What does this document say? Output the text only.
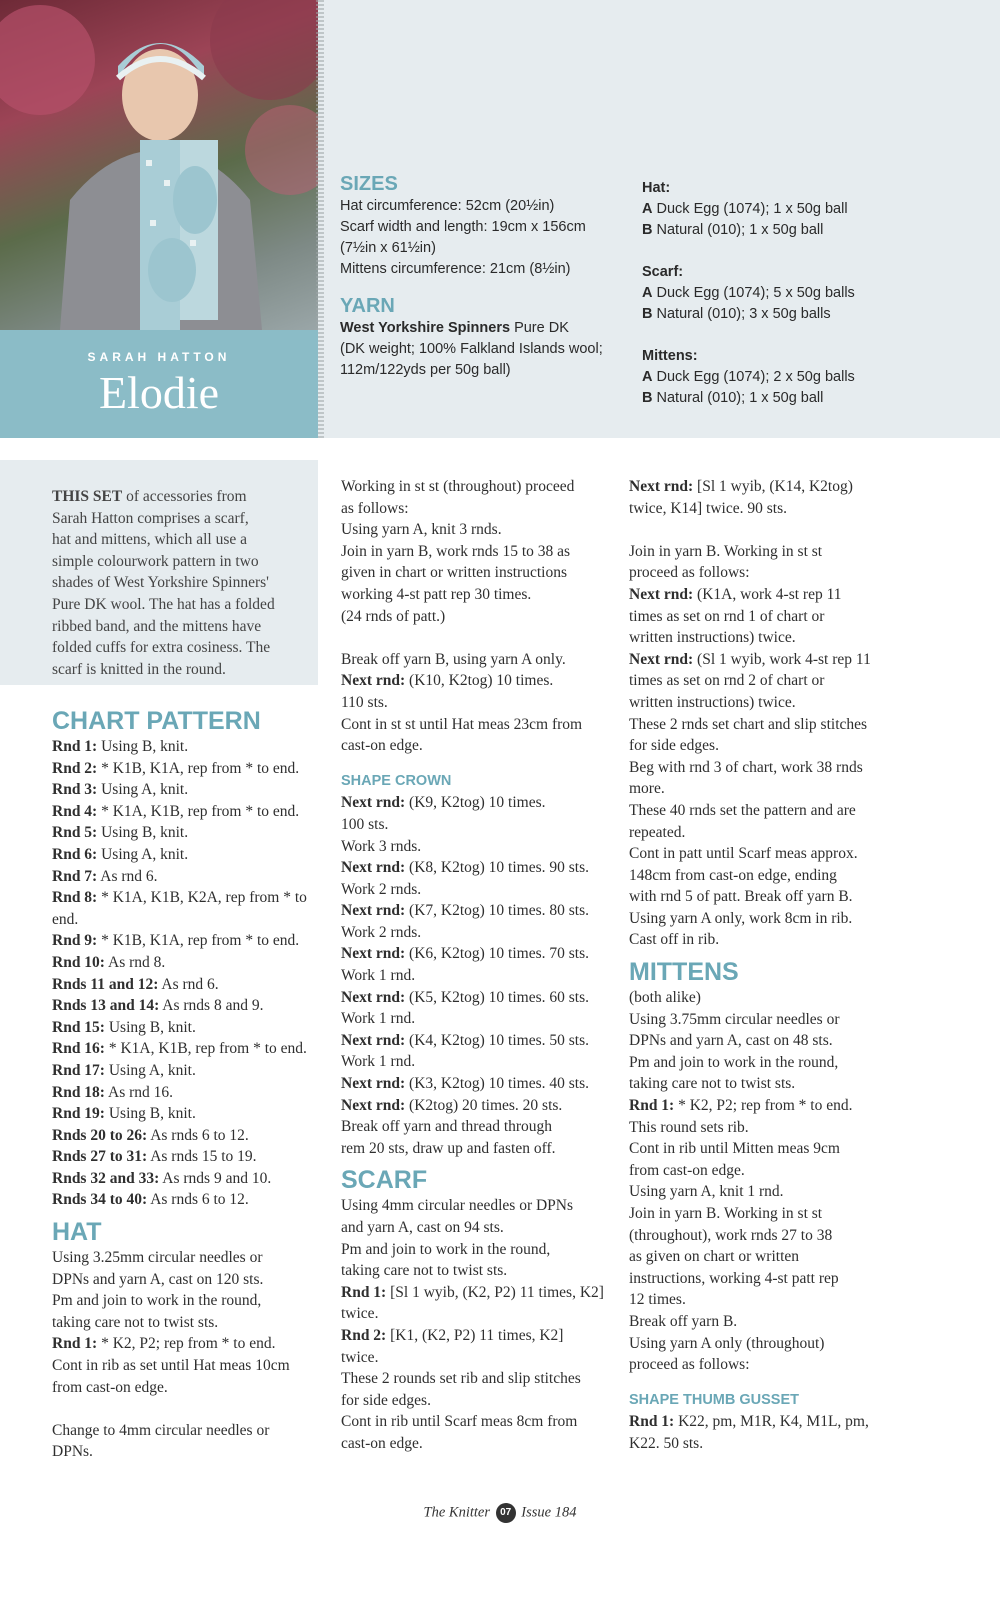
SARAH HATTON
Elodie
SIZES
Hat circumference: 52cm (20½in)
Scarf width and length: 19cm x 156cm
(7½in x 61½in)
Mittens circumference: 21cm (8½in)
YARN
West Yorkshire Spinners Pure DK
(DK weight; 100% Falkland Islands wool;
112m/122yds per 50g ball)
Hat:
A Duck Egg (1074); 1 x 50g ball
B Natural (010); 1 x 50g ball
Scarf:
A Duck Egg (1074); 5 x 50g balls
B Natural (010); 3 x 50g balls
Mittens:
A Duck Egg (1074); 2 x 50g balls
B Natural (010); 1 x 50g ball

THIS SET of accessories from

Sarah Hatton comprises a scarf,

hat and mittens, which all use a

simple colourwork pattern in two

shades of West Yorkshire Spinners'

Pure DK wool. The hat has a folded

ribbed band, and the mittens have

folded cuffs for extra cosiness. The

scarf is knitted in the round.

CHART PATTERN

Rnd 1: Using B, knit.

Rnd 2: * K1B, K1A, rep from * to end.

Rnd 3: Using A, knit.

Rnd 4: * K1A, K1B, rep from * to end.

Rnd 5: Using B, knit.

Rnd 6: Using A, knit.

Rnd 7: As rnd 6.

Rnd 8: * K1A, K1B, K2A, rep from * to

end.

Rnd 9: * K1B, K1A, rep from * to end.

Rnd 10: As rnd 8.

Rnds 11 and 12: As rnd 6.

Rnds 13 and 14: As rnds 8 and 9.

Rnd 15: Using B, knit.

Rnd 16: * K1A, K1B, rep from * to end.

Rnd 17: Using A, knit.

Rnd 18: As rnd 16.

Rnd 19: Using B, knit.

Rnds 20 to 26: As rnds 6 to 12.

Rnds 27 to 31: As rnds 15 to 19.

Rnds 32 and 33: As rnds 9 and 10.

Rnds 34 to 40: As rnds 6 to 12.

HAT

Using 3.25mm circular needles or

DPNs and yarn A, cast on 120 sts.

Pm and join to work in the round,

taking care not to twist sts.

Rnd 1: * K2, P2; rep from * to end.

Cont in rib as set until Hat meas 10cm

from cast-on edge.

Change to 4mm circular needles or

DPNs.

Working in st st (throughout) proceed

as follows:

Using yarn A, knit 3 rnds.

Join in yarn B, work rnds 15 to 38 as

given in chart or written instructions

working 4-st patt rep 30 times.

(24 rnds of patt.)

Break off yarn B, using yarn A only.

Next rnd: (K10, K2tog) 10 times.

110 sts.

Cont in st st until Hat meas 23cm from

cast-on edge.

SHAPE CROWN

Next rnd: (K9, K2tog) 10 times.

100 sts.

Work 3 rnds.

Next rnd: (K8, K2tog) 10 times. 90 sts.

Work 2 rnds.

Next rnd: (K7, K2tog) 10 times. 80 sts.

Work 2 rnds.

Next rnd: (K6, K2tog) 10 times. 70 sts.

Work 1 rnd.

Next rnd: (K5, K2tog) 10 times. 60 sts.

Work 1 rnd.

Next rnd: (K4, K2tog) 10 times. 50 sts.

Work 1 rnd.

Next rnd: (K3, K2tog) 10 times. 40 sts.

Next rnd: (K2tog) 20 times. 20 sts.

Break off yarn and thread through

rem 20 sts, draw up and fasten off.

SCARF

Using 4mm circular needles or DPNs

and yarn A, cast on 94 sts.

Pm and join to work in the round,

taking care not to twist sts.

Rnd 1: [Sl 1 wyib, (K2, P2) 11 times, K2]

twice.

Rnd 2: [K1, (K2, P2) 11 times, K2]

twice.

These 2 rounds set rib and slip stitches

for side edges.

Cont in rib until Scarf meas 8cm from

cast-on edge.

Next rnd: [Sl 1 wyib, (K14, K2tog)

twice, K14] twice. 90 sts.

Join in yarn B. Working in st st

proceed as follows:

Next rnd: (K1A, work 4-st rep 11

times as set on rnd 1 of chart or

written instructions) twice.

Next rnd: (Sl 1 wyib, work 4-st rep 11

times as set on rnd 2 of chart or

written instructions) twice.

These 2 rnds set chart and slip stitches

for side edges.

Beg with rnd 3 of chart, work 38 rnds

more.

These 40 rnds set the pattern and are

repeated.

Cont in patt until Scarf meas approx.

148cm from cast-on edge, ending

with rnd 5 of patt. Break off yarn B.

Using yarn A only, work 8cm in rib.

Cast off in rib.

MITTENS

(both alike)

Using 3.75mm circular needles or

DPNs and yarn A, cast on 48 sts.

Pm and join to work in the round,

taking care not to twist sts.

Rnd 1: * K2, P2; rep from * to end.

This round sets rib.

Cont in rib until Mitten meas 9cm

from cast-on edge.

Using yarn A, knit 1 rnd.

Join in yarn B. Working in st st

(throughout), work rnds 27 to 38

as given on chart or written

instructions, working 4-st patt rep

12 times.

Break off yarn B.

Using yarn A only (throughout)

proceed as follows:

SHAPE THUMB GUSSET

Rnd 1: K22, pm, M1R, K4, M1L, pm,

K22. 50 sts.

The Knitter 07 Issue 184
